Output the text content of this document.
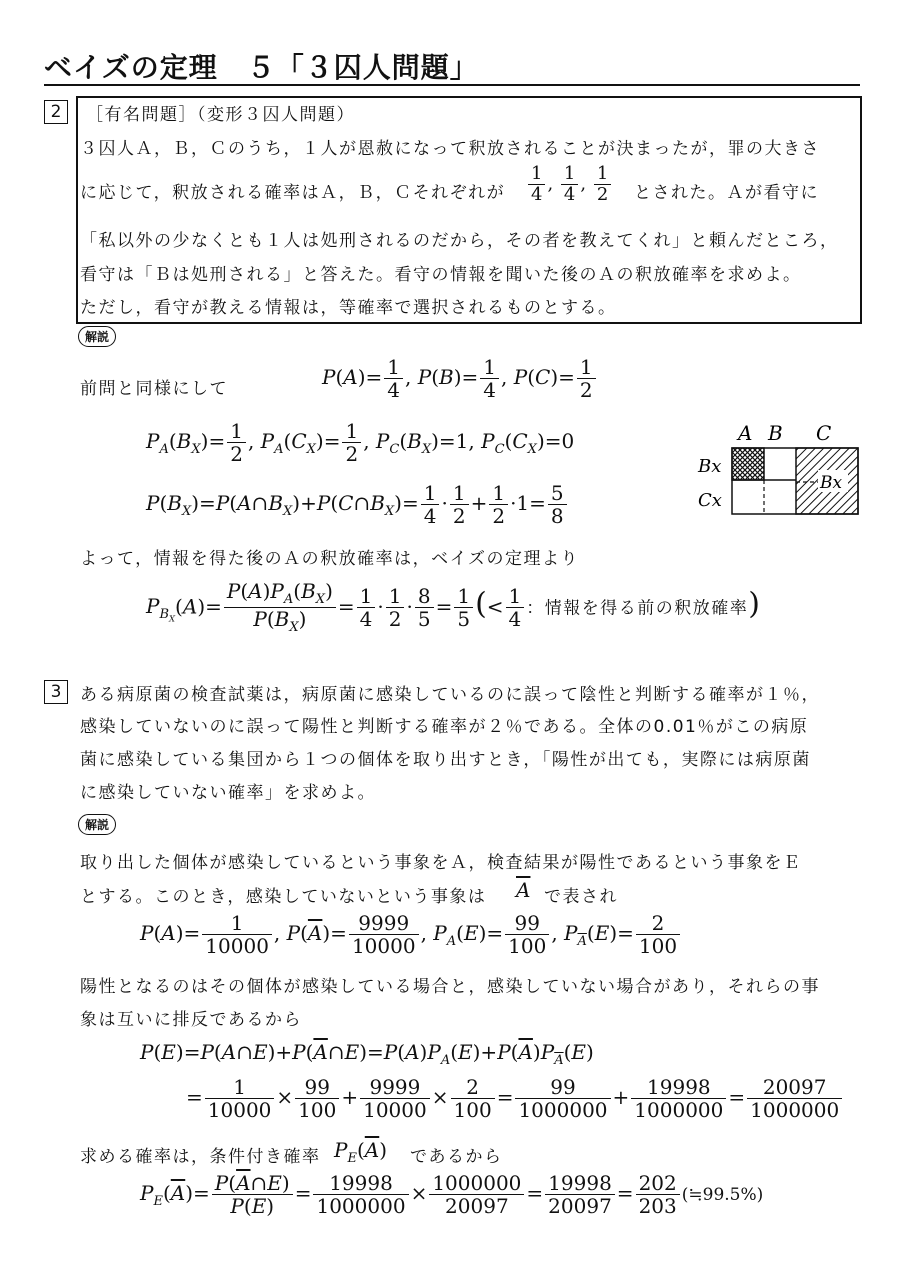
ベイズの定理　５「３囚人問題」
2	［有名問題］（変形３囚人問題）
３囚人Ａ，Ｂ，Ｃのうち，１人が恩赦になって釈放されることが決まったが，罪の大きさ
に応じて，釈放される確率はＡ，Ｂ，Ｃそれぞれが $\frac{1}{4}$ , $\frac{1}{4}$ , $\frac{1}{2}$ とされた。Ａが看守に
「私以外の少なくとも１人は処刑されるのだから，その者を教えてくれ」と頼んだところ，
看守は「Ｂは処刑される」と答えた。看守の情報を聞いた後のＡの釈放確率を求めよ。
ただし，看守が教える情報は，等確率で選択されるものとする。
解説
前問と同様にして	$P(A)= \frac{1}{4}$ , $P(B)= \frac{1}{4}$ , $P(C)= \frac{1}{2}$
$P_A(B_X)= \frac{1}{2}$ , $P_A(C_X)= \frac{1}{2}$ , $P_C(B_X)=1$, $P_C(C_X)=0$
$P(B_X)=P(A\cap B_X)+P(C\cap B_X)= \frac{1}{4} \cdot \frac{1}{2} + \frac{1}{2} \cdot 1= \frac{5}{8}$
A B C
Bx
Cx
Bx
よって，情報を得た後のＡの釈放確率は，ベイズの定理より
$P_{B_X}(A)= \frac{P(A)P_A(B_X)}{P(B_X)} = \frac{1}{4} \cdot \frac{1}{2} \cdot \frac{8}{5} = \frac{1}{5}$ (< $\frac{1}{4}$ ：情報を得る前の釈放確率)
3	ある病原菌の検査試薬は，病原菌に感染しているのに誤って陰性と判断する確率が１％，
感染していないのに誤って陽性と判断する確率が２％である。全体の0.01％がこの病原
菌に感染している集団から１つの個体を取り出すとき，「陽性が出ても，実際には病原菌
に感染していない確率」を求めよ。
解説
取り出した個体が感染しているという事象をＡ，検査結果が陽性であるという事象をＥ
とする。このとき，感染していないという事象は $\overline{A}$ で表され
$P(A)= \frac{1}{10000}$ , $P(\overline{A})= \frac{9999}{10000}$ , $P_A(E)= \frac{99}{100}$ , $P_{\overline{A}}(E)= \frac{2}{100}$
陽性となるのはその個体が感染している場合と，感染していない場合があり，それらの事
象は互いに排反であるから
$P(E)=P(A\cap E)+P(\overline{A}\cap E)=P(A)P_A(E)+P(\overline{A})P_{\overline{A}}(E)$
= $\frac{1}{10000} \times \frac{99}{100} + \frac{9999}{10000} \times \frac{2}{100} = \frac{99}{1000000} + \frac{19998}{1000000} = \frac{20097}{1000000}$
求める確率は，条件付き確率 $P_E(\overline{A})$ であるから
$P_E(\overline{A})= \frac{P(\overline{A}\cap E)}{P(E)} = \frac{19998}{1000000} \times \frac{1000000}{20097} = \frac{19998}{20097} = \frac{202}{203}$ (≒99.5%)
